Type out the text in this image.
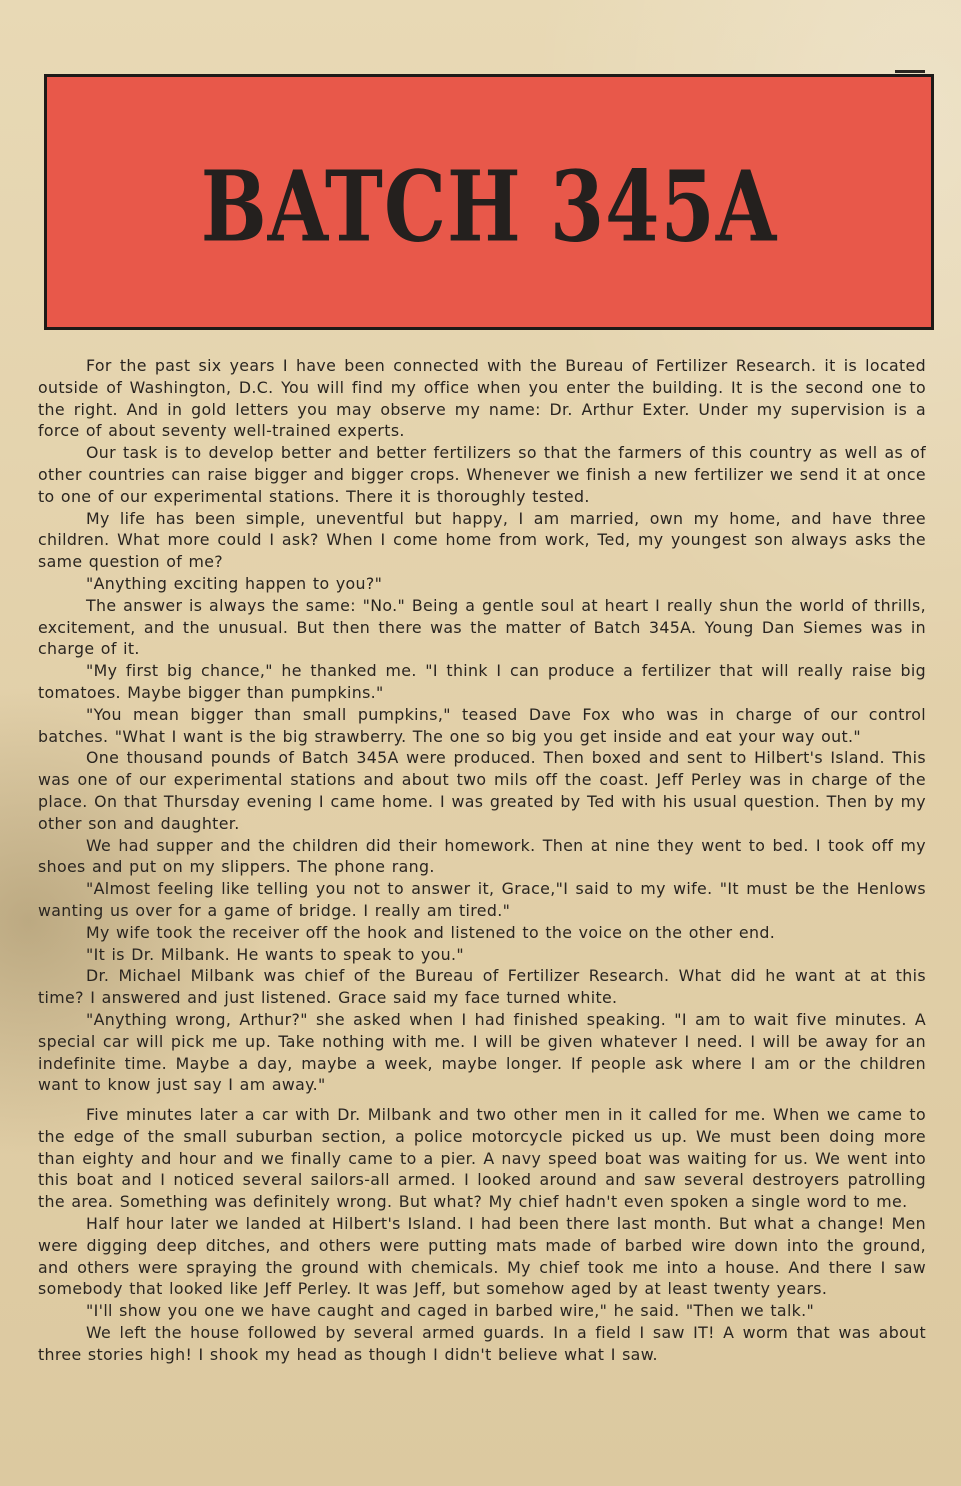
BATCH 345A

For the past six years I have been connected with the Bureau of Fertilizer Research. it is located outside of Washington, D.C. You will find my office when you enter the building. It is the second one to the right. And in gold letters you may observe my name: Dr. Arthur Exter. Under my supervision is a force of about seventy well-trained experts.

Our task is to develop better and better fertilizers so that the farmers of this country as well as of other countries can raise bigger and bigger crops. Whenever we finish a new fertilizer we send it at once to one of our experimental stations. There it is thoroughly tested.

My life has been simple, uneventful but happy, I am married, own my home, and have three children. What more could I ask? When I come home from work, Ted, my youngest son always asks the same question of me?

"Anything exciting happen to you?"

The answer is always the same: "No." Being a gentle soul at heart I really shun the world of thrills, excitement, and the unusual. But then there was the matter of Batch 345A. Young Dan Siemes was in charge of it.

"My first big chance," he thanked me. "I think I can produce a fertilizer that will really raise big tomatoes. Maybe bigger than pumpkins."

"You mean bigger than small pumpkins," teased Dave Fox who was in charge of our control batches. "What I want is the big strawberry. The one so big you get inside and eat your way out."

One thousand pounds of Batch 345A were produced. Then boxed and sent to Hilbert's Island. This was one of our experimental stations and about two mils off the coast. Jeff Perley was in charge of the place. On that Thursday evening I came home. I was greated by Ted with his usual question. Then by my other son and daughter.

We had supper and the children did their homework. Then at nine they went to bed. I took off my shoes and put on my slippers. The phone rang.

"Almost feeling like telling you not to answer it, Grace,"I said to my wife. "It must be the Henlows wanting us over for a game of bridge. I really am tired."

My wife took the receiver off the hook and listened to the voice on the other end.

"It is Dr. Milbank. He wants to speak to you."

Dr. Michael Milbank was chief of the Bureau of Fertilizer Research. What did he want at at this time? I answered and just listened. Grace said my face turned white.

"Anything wrong, Arthur?" she asked when I had finished speaking. "I am to wait five minutes. A special car will pick me up. Take nothing with me. I will be given whatever I need. I will be away for an indefinite time. Maybe a day, maybe a week, maybe longer. If people ask where I am or the children want to know just say I am away."

Five minutes later a car with Dr. Milbank and two other men in it called for me. When we came to the edge of the small suburban section, a police motorcycle picked us up. We must been doing more than eighty and hour and we finally came to a pier. A navy speed boat was waiting for us. We went into this boat and I noticed several sailors-all armed. I looked around and saw several destroyers patrolling the area. Something was definitely wrong. But what? My chief hadn't even spoken a single word to me.

Half hour later we landed at Hilbert's Island. I had been there last month. But what a change! Men were digging deep ditches, and others were putting mats made of barbed wire down into the ground, and others were spraying the ground with chemicals. My chief took me into a house. And there I saw somebody that looked like Jeff Perley. It was Jeff, but somehow aged by at least twenty years.

"I'll show you one we have caught and caged in barbed wire," he said. "Then we talk."

We left the house followed by several armed guards. In a field I saw IT! A worm that was about three stories high! I shook my head as though I didn't believe what I saw.
